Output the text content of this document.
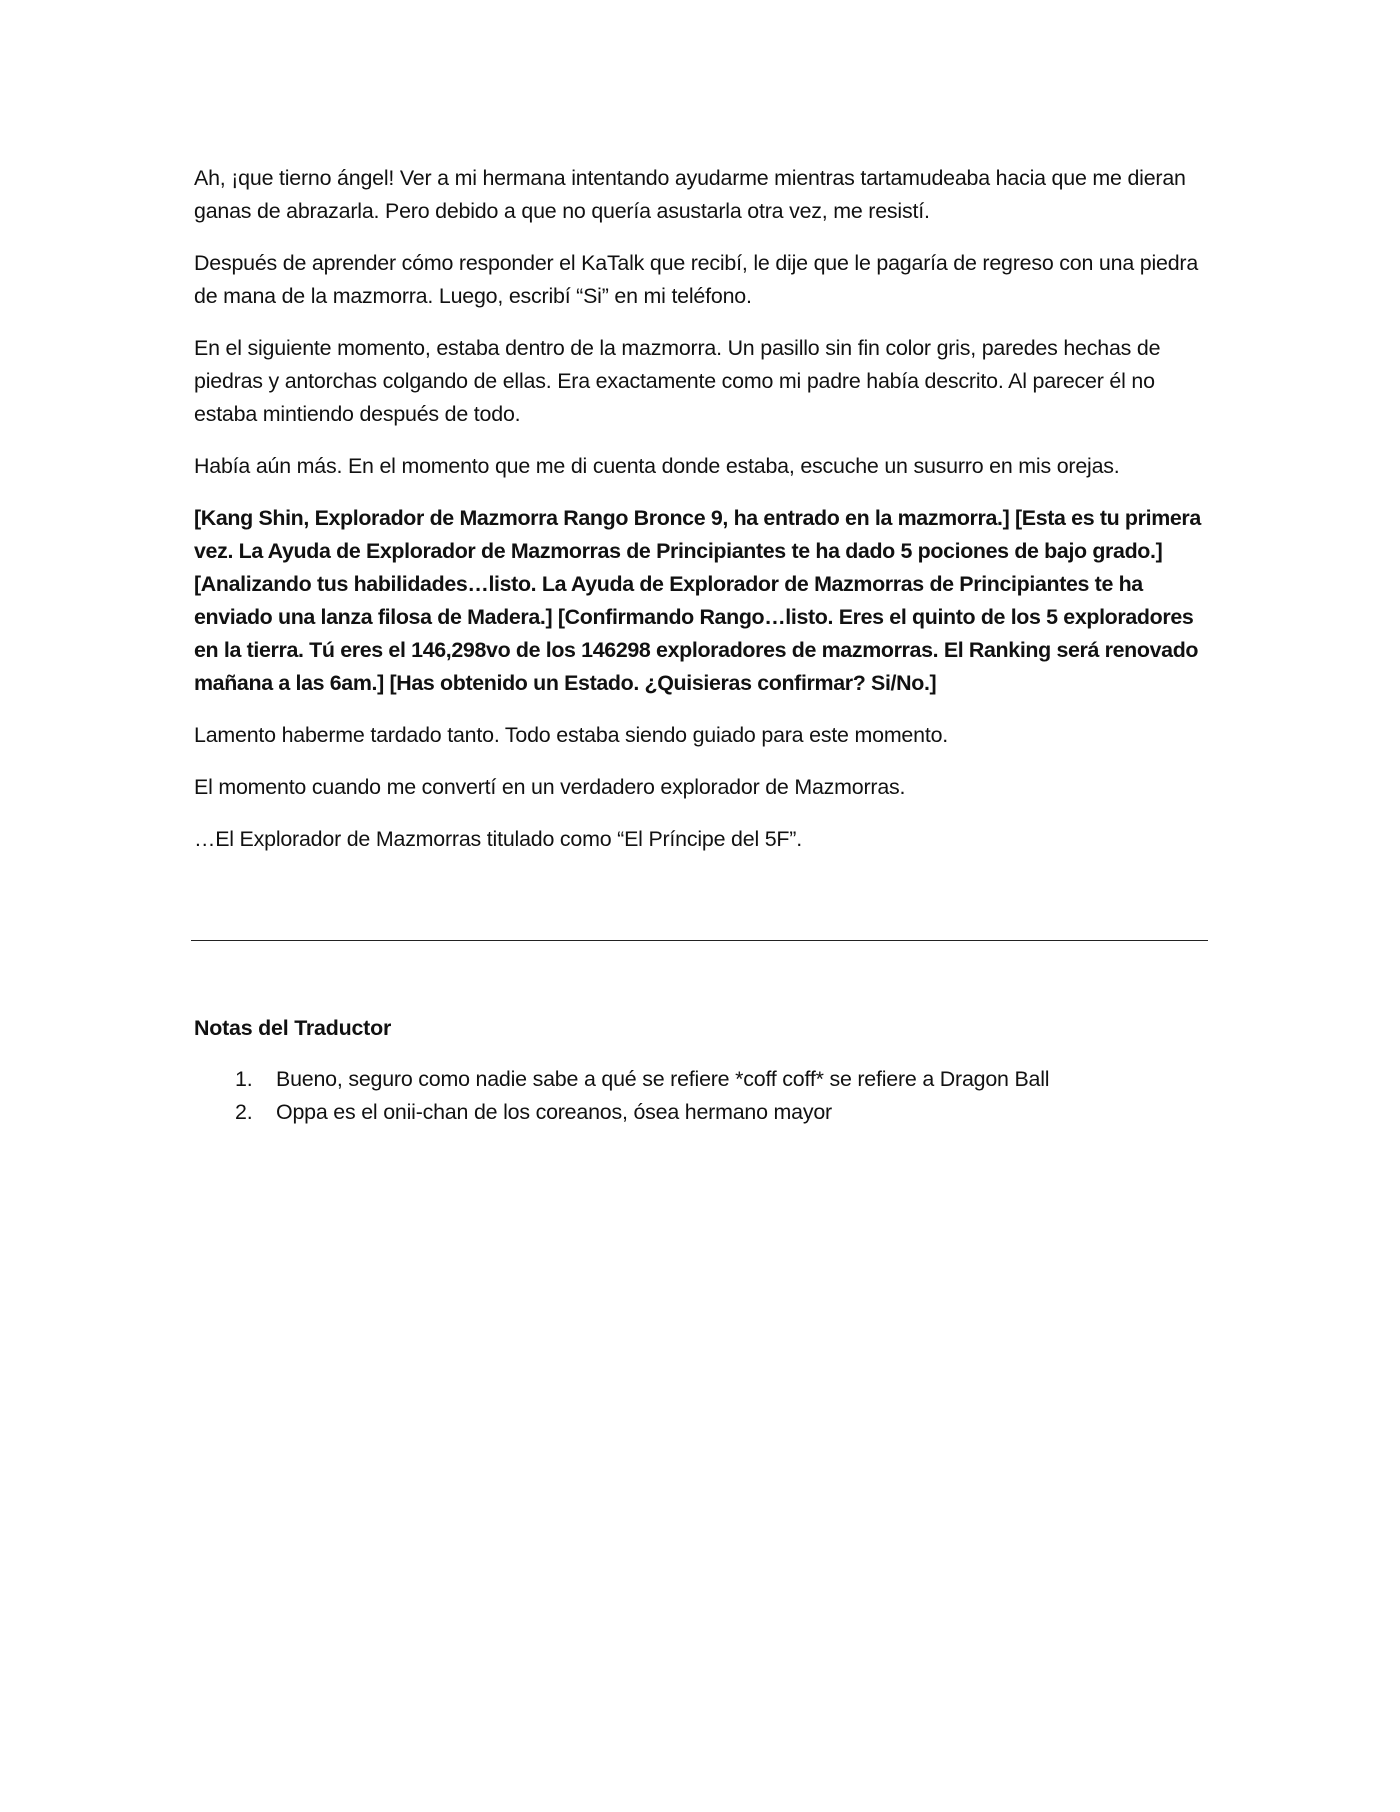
Ah, ¡que tierno ángel! Ver a mi hermana intentando ayudarme mientras tartamudeaba hacia que me dieran ganas de abrazarla. Pero debido a que no quería asustarla otra vez, me resistí.

Después de aprender cómo responder el KaTalk que recibí, le dije que le pagaría de regreso con una piedra de mana de la mazmorra. Luego, escribí “Si” en mi teléfono.

En el siguiente momento, estaba dentro de la mazmorra. Un pasillo sin fin color gris, paredes hechas de piedras y antorchas colgando de ellas. Era exactamente como mi padre había descrito. Al parecer él no estaba mintiendo después de todo.

Había aún más. En el momento que me di cuenta donde estaba, escuche un susurro en mis orejas.

[Kang Shin, Explorador de Mazmorra Rango Bronce 9, ha entrado en la mazmorra.] [Esta es tu primera vez. La Ayuda de Explorador de Mazmorras de Principiantes te ha dado 5 pociones de bajo grado.] [Analizando tus habilidades…listo. La Ayuda de Explorador de Mazmorras de Principiantes te ha enviado una lanza filosa de Madera.] [Confirmando Rango…listo. Eres el quinto de los 5 exploradores en la tierra. Tú eres el 146,298vo de los 146298 exploradores de mazmorras. El Ranking será renovado mañana a las 6am.] [Has obtenido un Estado. ¿Quisieras confirmar? Si/No.]

Lamento haberme tardado tanto. Todo estaba siendo guiado para este momento.

El momento cuando me convertí en un verdadero explorador de Mazmorras.

…El Explorador de Mazmorras titulado como “El Príncipe del 5F”.

Notas del Traductor
1. Bueno, seguro como nadie sabe a qué se refiere *coff coff* se refiere a Dragon Ball
2. Oppa es el onii-chan de los coreanos, ósea hermano mayor
